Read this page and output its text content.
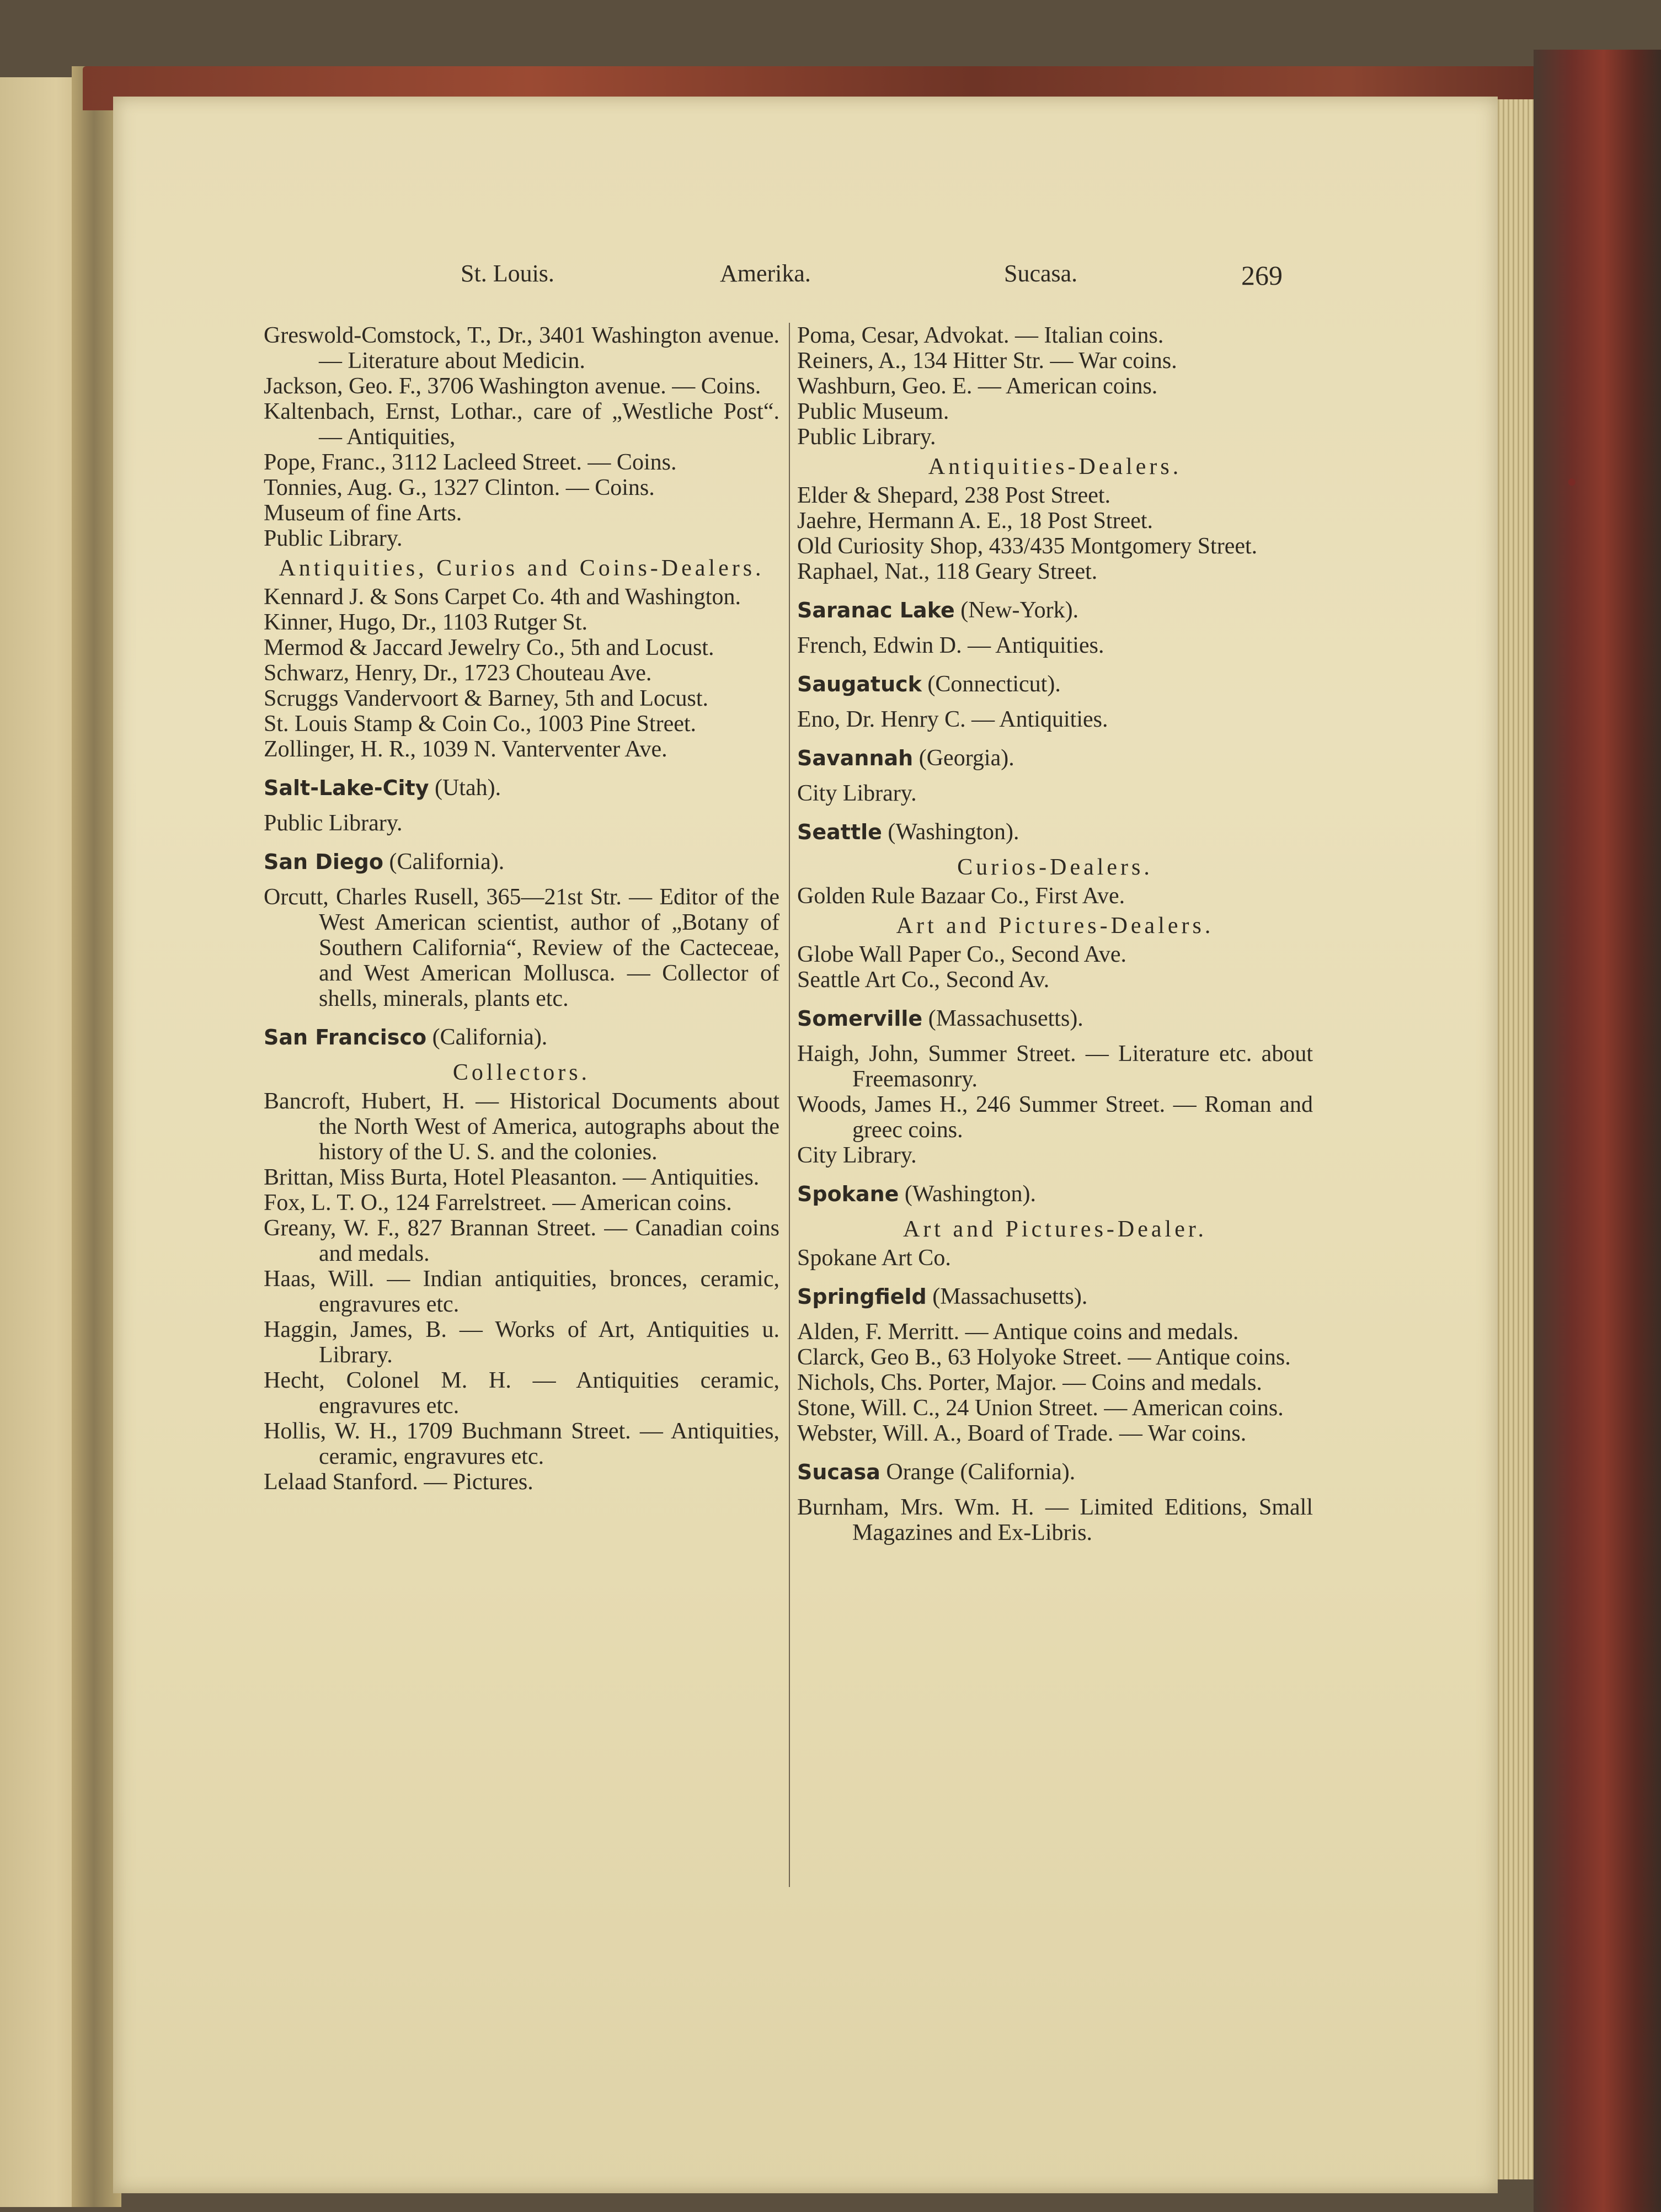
St. Louis.	Amerika.	Sucasa.	269

Greswold-Comstock, T., Dr., 3401 Washington avenue. — Literature about Medicin.

Jackson, Geo. F., 3706 Washington avenue. — Coins.

Kaltenbach, Ernst, Lothar., care of „Westliche Post“. — Antiquities,

Pope, Franc., 3112 Lacleed Street. — Coins.

Tonnies, Aug. G., 1327 Clinton. — Coins.

Museum of fine Arts.

Public Library.

Antiquities, Curios and Coins-Dealers.

Kennard J. & Sons Carpet Co. 4th and Washington.

Kinner, Hugo, Dr., 1103 Rutger St.

Mermod & Jaccard Jewelry Co., 5th and Locust.

Schwarz, Henry, Dr., 1723 Chouteau Ave.

Scruggs Vandervoort & Barney, 5th and Locust.

St. Louis Stamp & Coin Co., 1003 Pine Street.

Zollinger, H. R., 1039 N. Vanterventer Ave.

Salt-Lake-City (Utah).

Public Library.

San Diego (California).

Orcutt, Charles Rusell, 365—21st Str. — Editor of the West American scientist, author of „Botany of Southern California“, Review of the Cacteceae, and West American Mollusca. — Collector of shells, minerals, plants etc.

San Francisco (California).
Collectors.

Bancroft, Hubert, H. — Historical Documents about the North West of America, autographs about the history of the U. S. and the colonies.

Brittan, Miss Burta, Hotel Pleasanton. — Antiquities.

Fox, L. T. O., 124 Farrelstreet. — American coins.

Greany, W. F., 827 Brannan Street. — Canadian coins and medals.

Haas, Will. — Indian antiquities, bronces, ceramic, engravures etc.

Haggin, James, B. — Works of Art, Antiquities u. Library.

Hecht, Colonel M. H. — Antiquities ceramic, engravures etc.

Hollis, W. H., 1709 Buchmann Street. — Antiquities, ceramic, engravures etc.

Lelaad Stanford. — Pictures.

Poma, Cesar, Advokat. — Italian coins.

Reiners, A., 134 Hitter Str. — War coins.

Washburn, Geo. E. — American coins.

Public Museum.

Public Library.

Antiquities-Dealers.

Elder & Shepard, 238 Post Street.

Jaehre, Hermann A. E., 18 Post Street.

Old Curiosity Shop, 433/435 Montgomery Street.

Raphael, Nat., 118 Geary Street.

Saranac Lake (New-York).

French, Edwin D. — Antiquities.

Saugatuck (Connecticut).

Eno, Dr. Henry C. — Antiquities.

Savannah (Georgia).

City Library.

Seattle (Washington).
Curios-Dealers.

Golden Rule Bazaar Co., First Ave.

Art and Pictures-Dealers.

Globe Wall Paper Co., Second Ave.

Seattle Art Co., Second Av.

Somerville (Massachusetts).

Haigh, John, Summer Street. — Literature etc. about Freemasonry.

Woods, James H., 246 Summer Street. — Roman and greec coins.

City Library.

Spokane (Washington).
Art and Pictures-Dealer.

Spokane Art Co.

Springfield (Massachusetts).

Alden, F. Merritt. — Antique coins and medals.

Clarck, Geo B., 63 Holyoke Street. — Antique coins.

Nichols, Chs. Porter, Major. — Coins and medals.

Stone, Will. C., 24 Union Street. — American coins.

Webster, Will. A., Board of Trade. — War coins.

Sucasa Orange (California).

Burnham, Mrs. Wm. H. — Limited Editions, Small Magazines and Ex-Libris.
